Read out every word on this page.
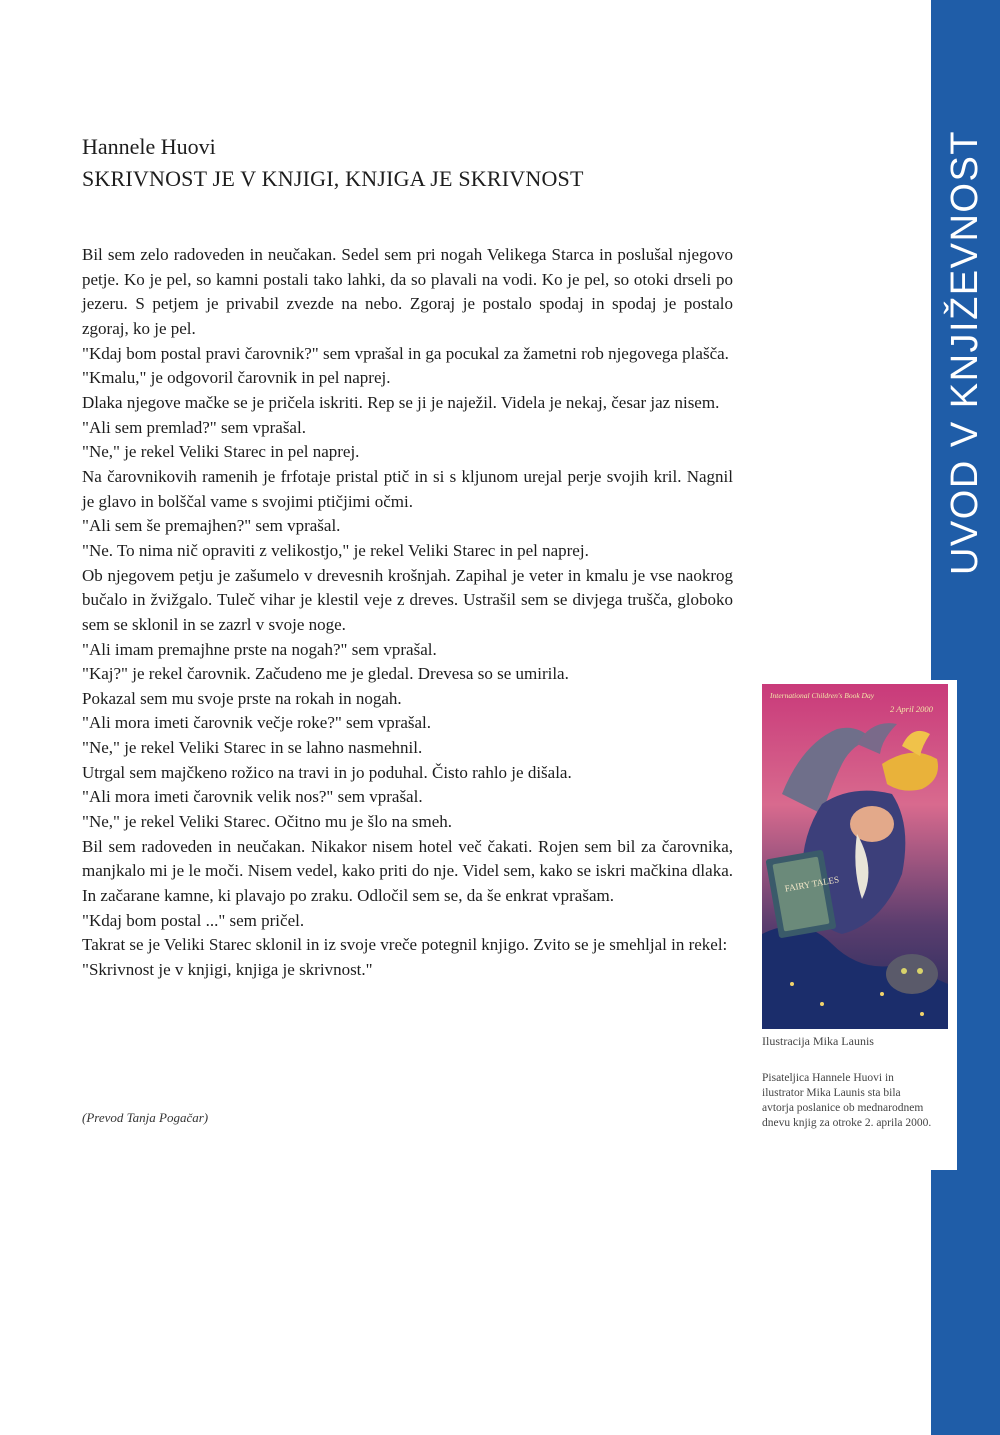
UVOD V KNJIŽEVNOST
Hannele Huovi
SKRIVNOST JE V KNJIGI, KNJIGA JE SKRIVNOST

Bil sem zelo radoveden in neučakan. Sedel sem pri nogah Velikega Starca in poslušal njegovo petje. Ko je pel, so kamni postali tako lahki, da so plavali na vodi. Ko je pel, so otoki drseli po jezeru. S petjem je privabil zvezde na nebo. Zgoraj je postalo spodaj in spodaj je postalo zgoraj, ko je pel.

"Kdaj bom postal pravi čarovnik?" sem vprašal in ga pocukal za žametni rob njegovega plašča.

"Kmalu," je odgovoril čarovnik in pel naprej.

Dlaka njegove mačke se je pričela iskriti. Rep se ji je naježil. Videla je nekaj, česar jaz nisem.

"Ali sem premlad?" sem vprašal.

"Ne," je rekel Veliki Starec in pel naprej.

Na čarovnikovih ramenih je frfotaje pristal ptič in si s kljunom urejal perje svojih kril. Nagnil je glavo in bolščal vame s svojimi ptičjimi očmi.

"Ali sem še premajhen?" sem vprašal.

"Ne. To nima nič opraviti z velikostjo," je rekel Veliki Starec in pel naprej.

Ob njegovem petju je zašumelo v drevesnih krošnjah. Zapihal je veter in kmalu je vse naokrog bučalo in žvižgalo. Tuleč vihar je klestil veje z dreves. Ustrašil sem se divjega trušča, globoko sem se sklonil in se zazrl v svoje noge.

"Ali imam premajhne prste na nogah?" sem vprašal.

"Kaj?" je rekel čarovnik. Začudeno me je gledal. Drevesa so se umirila.

Pokazal sem mu svoje prste na rokah in nogah.

"Ali mora imeti čarovnik večje roke?" sem vprašal.

"Ne," je rekel Veliki Starec in se lahno nasmehnil.

Utrgal sem majčkeno rožico na travi in jo poduhal. Čisto rahlo je dišala.

"Ali mora imeti čarovnik velik nos?" sem vprašal.

"Ne," je rekel Veliki Starec. Očitno mu je šlo na smeh.

Bil sem radoveden in neučakan. Nikakor nisem hotel več čakati. Rojen sem bil za čarovnika, manjkalo mi je le moči. Nisem vedel, kako priti do nje. Videl sem, kako se iskri mačkina dlaka. In začarane kamne, ki plavajo po zraku. Odločil sem se, da še enkrat vprašam.

"Kdaj bom postal ..." sem pričel.

Takrat se je Veliki Starec sklonil in iz svoje vreče potegnil knjigo. Zvito se je smehljal in rekel:

"Skrivnost je v knjigi, knjiga je skrivnost."

(Prevod Tanja Pogačar)
FAIRY TALES
International Children's Book Day
2 April 2000
Ilustracija Mika Launis
Pisateljica Hannele Huovi in ilustrator Mika Launis sta bila avtorja poslanice ob mednarodnem dnevu knjig za otroke 2. aprila 2000.
